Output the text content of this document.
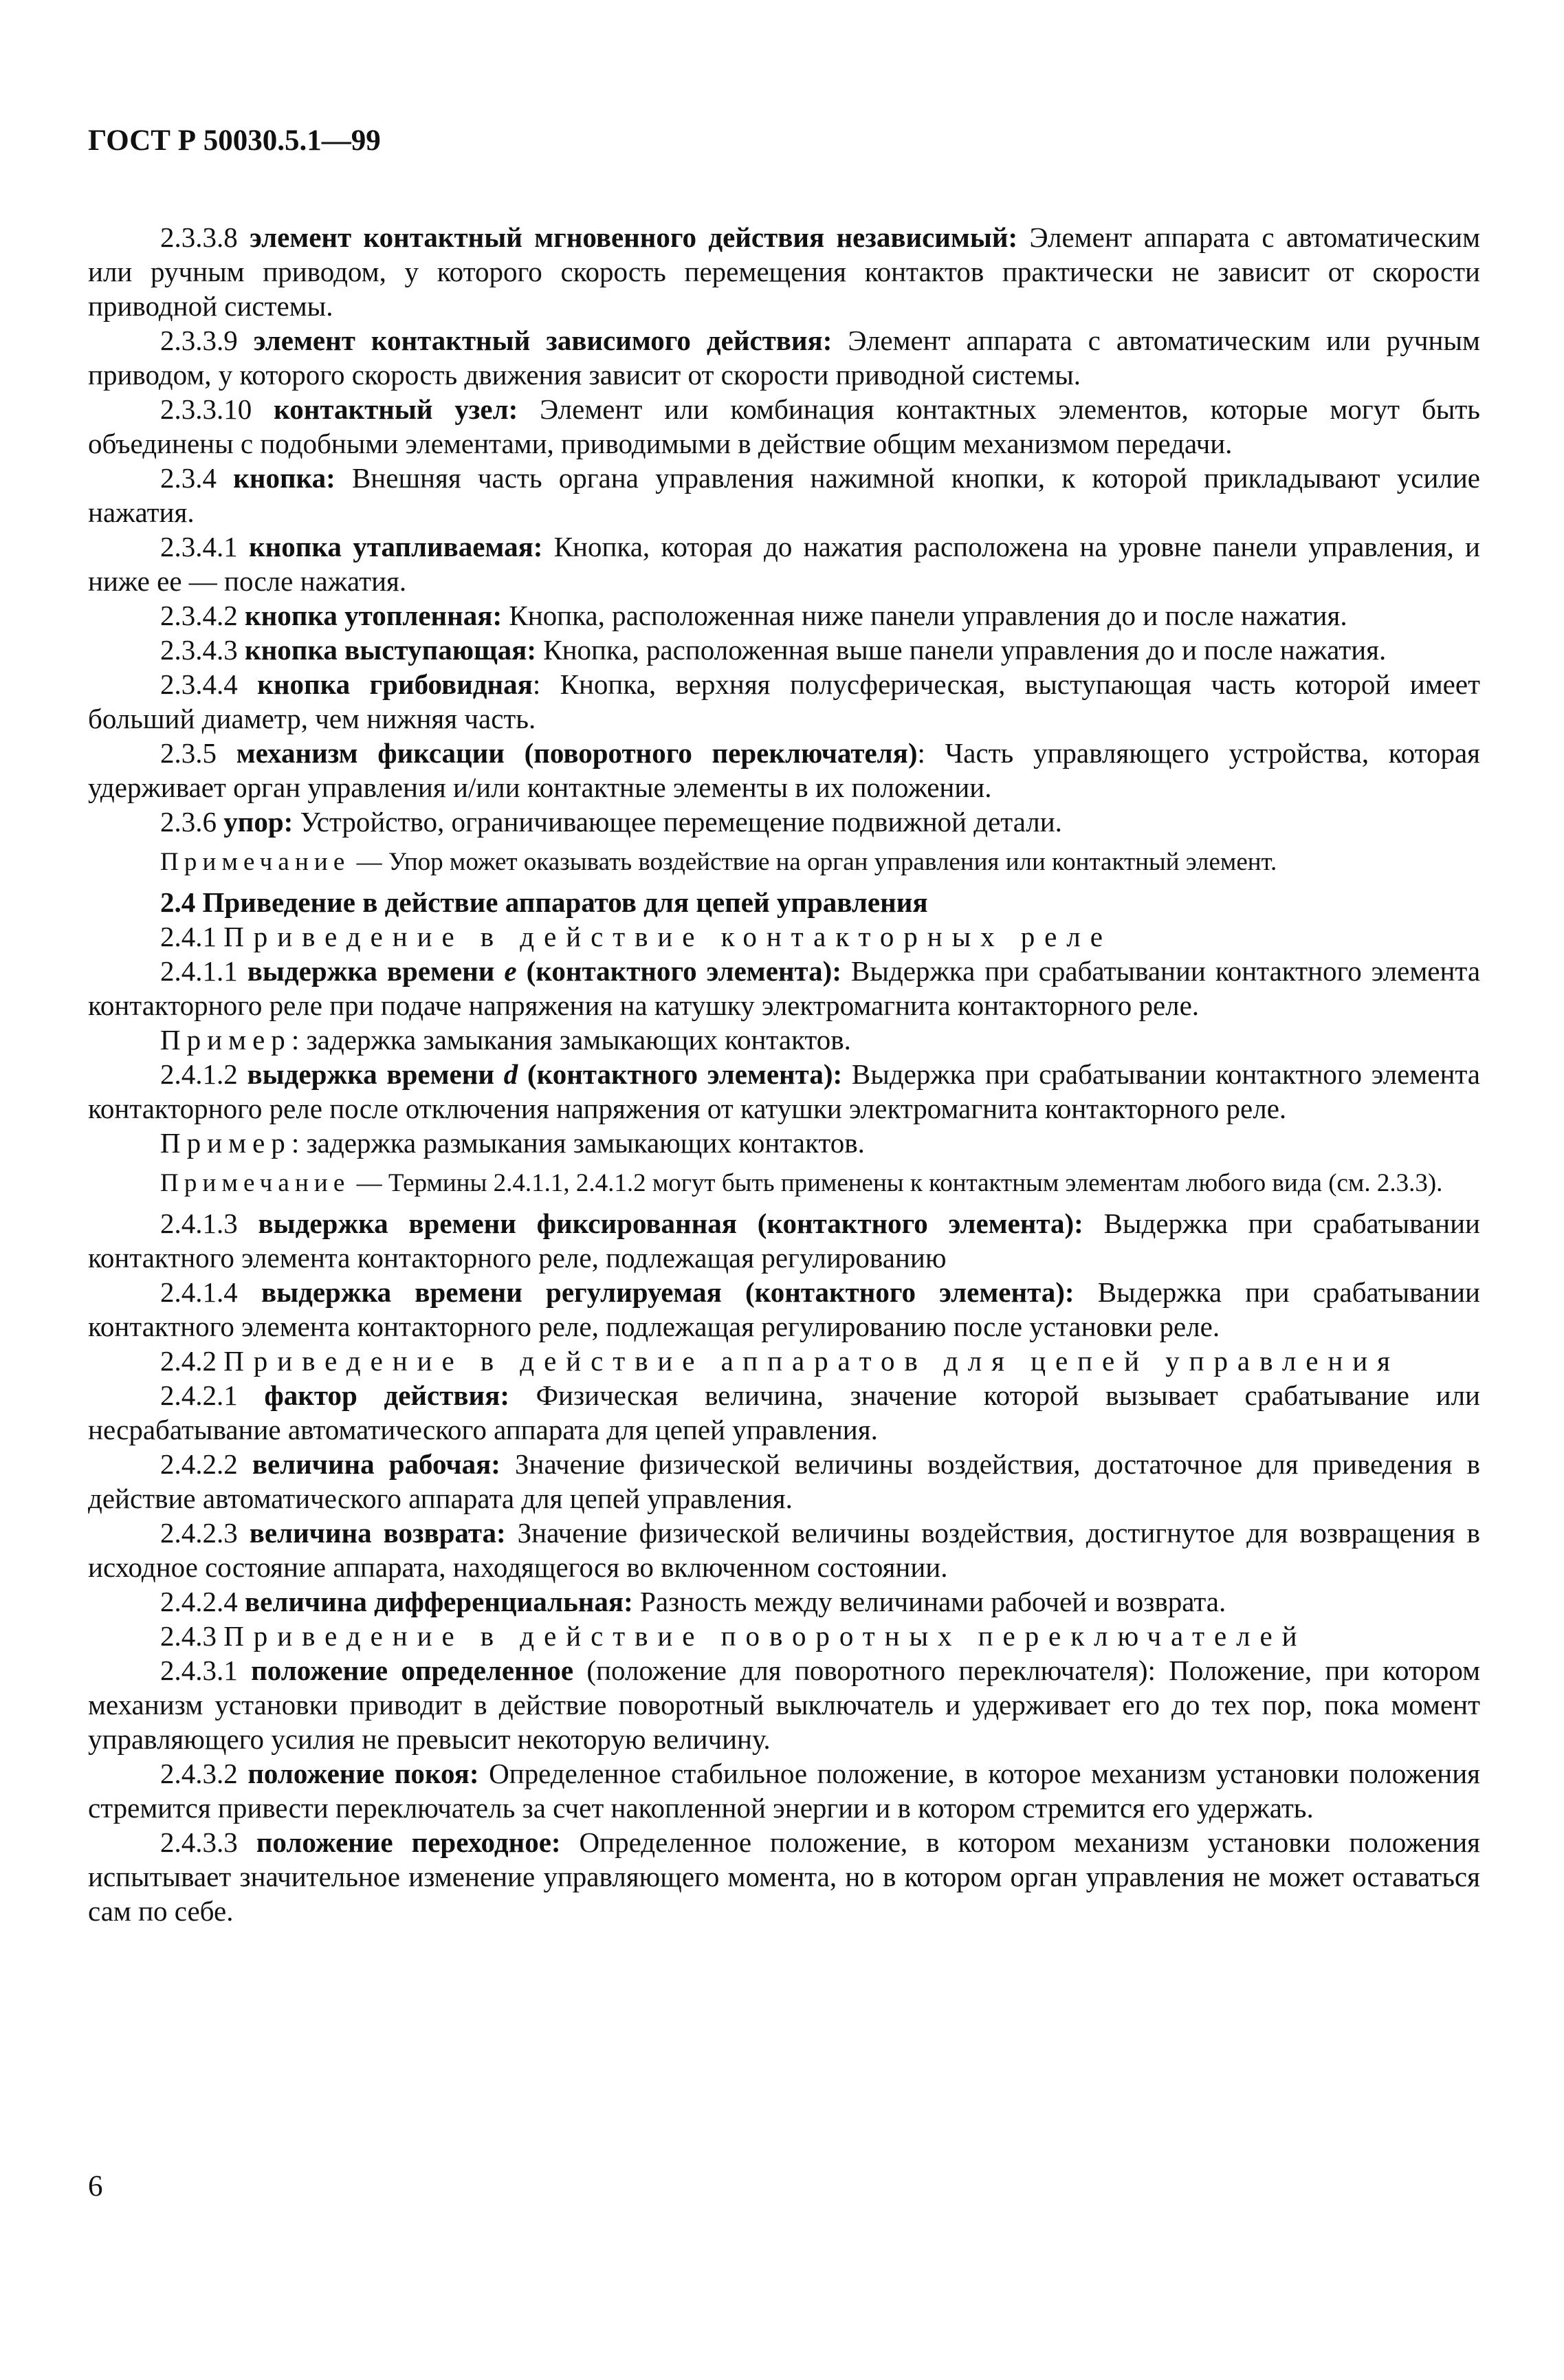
ГОСТ Р 50030.5.1—99

2.3.3.8 элемент контактный мгновенного действия независимый: Элемент аппарата с автоматическим или ручным приводом, у которого скорость перемещения контактов практически не зависит от скорости приводной системы.

2.3.3.9 элемент контактный зависимого действия: Элемент аппарата с автоматическим или ручным приводом, у которого скорость движения зависит от скорости приводной системы.

2.3.3.10 контактный узел: Элемент или комбинация контактных элементов, которые могут быть объединены с подобными элементами, приводимыми в действие общим механизмом передачи.

2.3.4 кнопка: Внешняя часть органа управления нажимной кнопки, к которой прикладывают усилие нажатия.

2.3.4.1 кнопка утапливаемая: Кнопка, которая до нажатия расположена на уровне панели управления, и ниже ее — после нажатия.

2.3.4.2 кнопка утопленная: Кнопка, расположенная ниже панели управления до и после нажатия.

2.3.4.3 кнопка выступающая: Кнопка, расположенная выше панели управления до и после нажатия.

2.3.4.4 кнопка грибовидная: Кнопка, верхняя полусферическая, выступающая часть которой имеет больший диаметр, чем нижняя часть.

2.3.5 механизм фиксации (поворотного переключателя): Часть управляющего устройства, которая удерживает орган управления и/или контактные элементы в их положении.

2.3.6 упор: Устройство, ограничивающее перемещение подвижной детали.

Примечание — Упор может оказывать воздействие на орган управления или контактный элемент.

2.4 Приведение в действие аппаратов для цепей управления

2.4.1 Приведение в действие контакторных реле

2.4.1.1 выдержка времени e (контактного элемента): Выдержка при срабатывании контактного элемента контакторного реле при подаче напряжения на катушку электромагнита контакторного реле.

Пример: задержка замыкания замыкающих контактов.

2.4.1.2 выдержка времени d (контактного элемента): Выдержка при срабатывании контактного элемента контакторного реле после отключения напряжения от катушки электромагнита контакторного реле.

Пример: задержка размыкания замыкающих контактов.

Примечание — Термины 2.4.1.1, 2.4.1.2 могут быть применены к контактным элементам любого вида (см. 2.3.3).

2.4.1.3 выдержка времени фиксированная (контактного элемента): Выдержка при срабатывании контактного элемента контакторного реле, подлежащая регулированию

2.4.1.4 выдержка времени регулируемая (контактного элемента): Выдержка при срабатывании контактного элемента контакторного реле, подлежащая регулированию после установки реле.

2.4.2 Приведение в действие аппаратов для цепей управления

2.4.2.1 фактор действия: Физическая величина, значение которой вызывает срабатывание или несрабатывание автоматического аппарата для цепей управления.

2.4.2.2 величина рабочая: Значение физической величины воздействия, достаточное для приведения в действие автоматического аппарата для цепей управления.

2.4.2.3 величина возврата: Значение физической величины воздействия, достигнутое для возвращения в исходное состояние аппарата, находящегося во включенном состоянии.

2.4.2.4 величина дифференциальная: Разность между величинами рабочей и возврата.

2.4.3 Приведение в действие поворотных переключателей

2.4.3.1 положение определенное (положение для поворотного переключателя): Положение, при котором механизм установки приводит в действие поворотный выключатель и удерживает его до тех пор, пока момент управляющего усилия не превысит некоторую величину.

2.4.3.2 положение покоя: Определенное стабильное положение, в которое механизм установки положения стремится привести переключатель за счет накопленной энергии и в котором стремится его удержать.

2.4.3.3 положение переходное: Определенное положение, в котором механизм установки положения испытывает значительное изменение управляющего момента, но в котором орган управления не может оставаться сам по себе.

6
